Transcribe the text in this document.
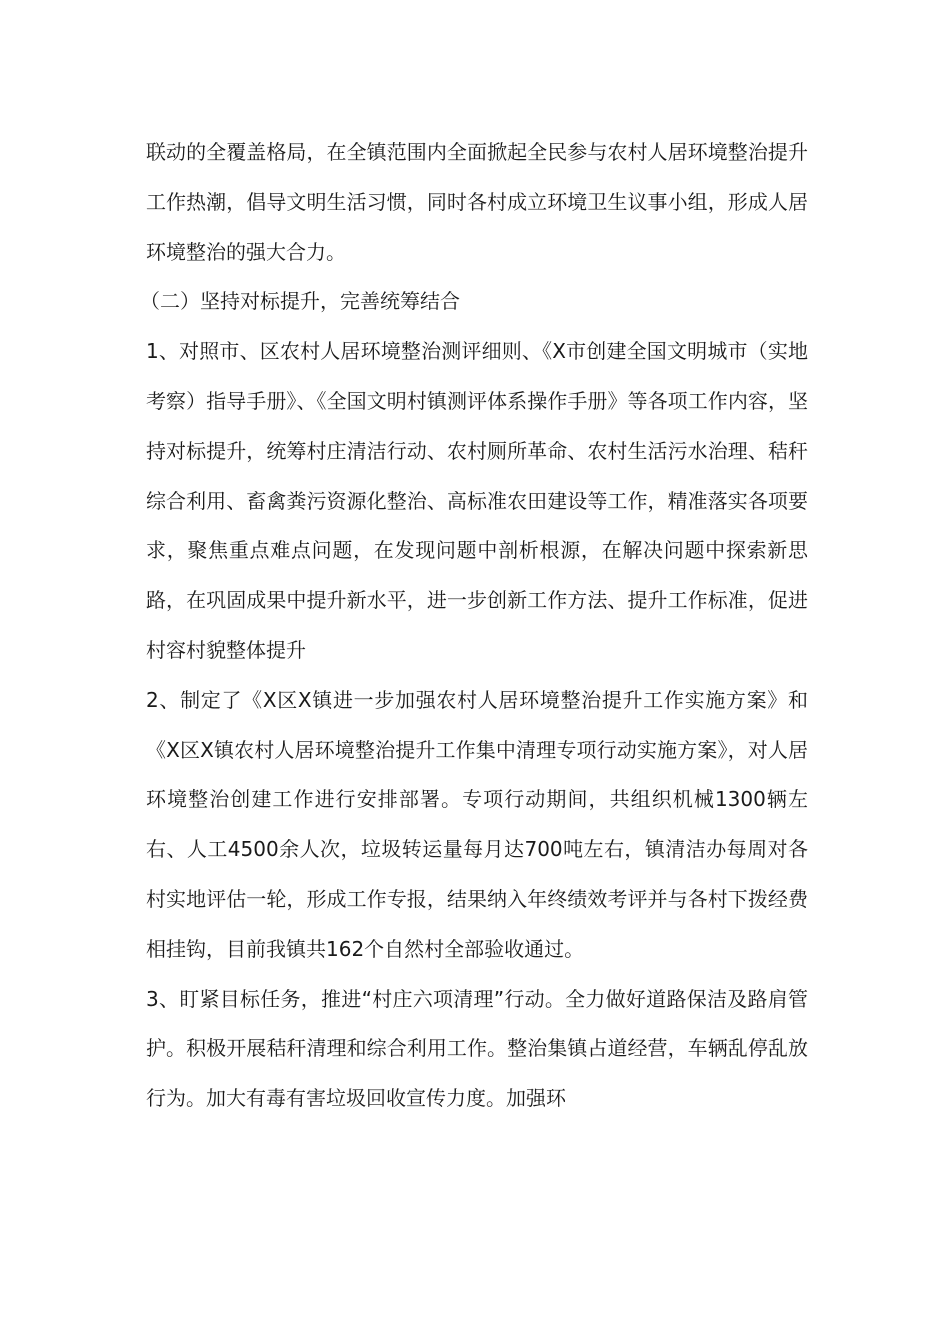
联动的全覆盖格局，在全镇范围内全面掀起全民参与农村人居环境整治提升工作热潮，倡导文明生活习惯，同时各村成立环境卫生议事小组，形成人居环境整治的强大合力。

（二）坚持对标提升，完善统筹结合

1、对照市、区农村人居环境整治测评细则、《X市创建全国文明城市（实地考察）指导手册》、《全国文明村镇测评体系操作手册》等各项工作内容，坚持对标提升，统筹村庄清洁行动、农村厕所革命、农村生活污水治理、秸秆综合利用、畜禽粪污资源化整治、高标准农田建设等工作，精准落实各项要求，聚焦重点难点问题，在发现问题中剖析根源，在解决问题中探索新思路，在巩固成果中提升新水平，进一步创新工作方法、提升工作标准，促进村容村貌整体提升

2、制定了《X区X镇进一步加强农村人居环境整治提升工作实施方案》和《X区X镇农村人居环境整治提升工作集中清理专项行动实施方案》，对人居环境整治创建工作进行安排部署。专项行动期间，共组织机械1300辆左右、人工4500余人次，垃圾转运量每月达700吨左右，镇清洁办每周对各村实地评估一轮，形成工作专报，结果纳入年终绩效考评并与各村下拨经费相挂钩，目前我镇共162个自然村全部验收通过。

3、盯紧目标任务，推进“村庄六项清理”行动。全力做好道路保洁及路肩管护。积极开展秸秆清理和综合利用工作。整治集镇占道经营，车辆乱停乱放行为。加大有毒有害垃圾回收宣传力度。加强环
